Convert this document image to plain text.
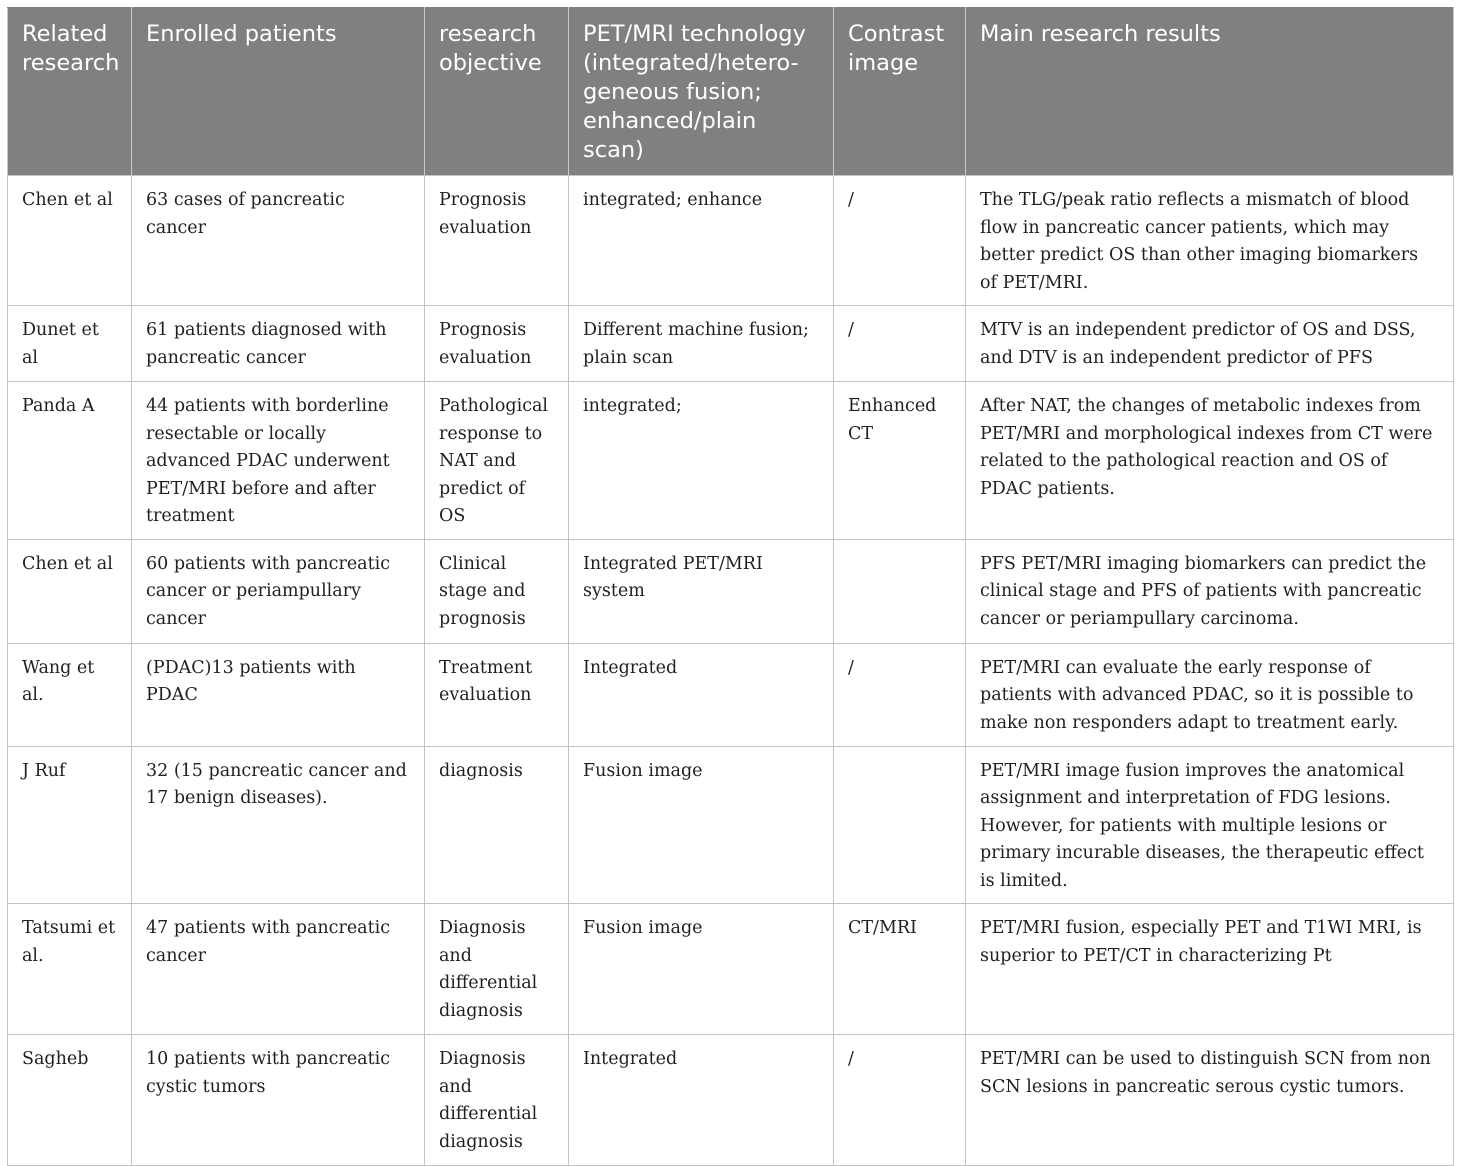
Related research	Enrolled patients	research objective	PET/MRI technology (integrated/hetero-geneous fusion; enhanced/plain scan)	Contrast image	Main research results
Chen et al	63 cases of pancreatic cancer	Prognosis evaluation	integrated; enhance	/	The TLG/peak ratio reflects a mismatch of blood flow in pancreatic cancer patients, which may better predict OS than other imaging biomarkers of PET/MRI.
Dunet et al	61 patients diagnosed with pancreatic cancer	Prognosis evaluation	Different machine fusion; plain scan	/	MTV is an independent predictor of OS and DSS, and DTV is an independent predictor of PFS
Panda A	44 patients with borderline resectable or locally advanced PDAC underwent PET/MRI before and after treatment	Pathological response to NAT and predict of OS	integrated;	Enhanced CT	After NAT, the changes of metabolic indexes from PET/MRI and morphological indexes from CT were related to the pathological reaction and OS of PDAC patients.
Chen et al	60 patients with pancreatic cancer or periampullary cancer	Clinical stage and prognosis	Integrated PET/MRI system		PFS PET/MRI imaging biomarkers can predict the clinical stage and PFS of patients with pancreatic cancer or periampullary carcinoma.
Wang et al.	(PDAC)13 patients with PDAC	Treatment evaluation	Integrated	/	PET/MRI can evaluate the early response of patients with advanced PDAC, so it is possible to make non responders adapt to treatment early.
J Ruf	32 (15 pancreatic cancer and 17 benign diseases).	diagnosis	Fusion image		PET/MRI image fusion improves the anatomical assignment and interpretation of FDG lesions. However, for patients with multiple lesions or primary incurable diseases, the therapeutic effect is limited.
Tatsumi et al.	47 patients with pancreatic cancer	Diagnosis and differential diagnosis	Fusion image	CT/MRI	PET/MRI fusion, especially PET and T1WI MRI, is superior to PET/CT in characterizing Pt
Sagheb	10 patients with pancreatic cystic tumors	Diagnosis and differential diagnosis	Integrated	/	PET/MRI can be used to distinguish SCN from non SCN lesions in pancreatic serous cystic tumors.
